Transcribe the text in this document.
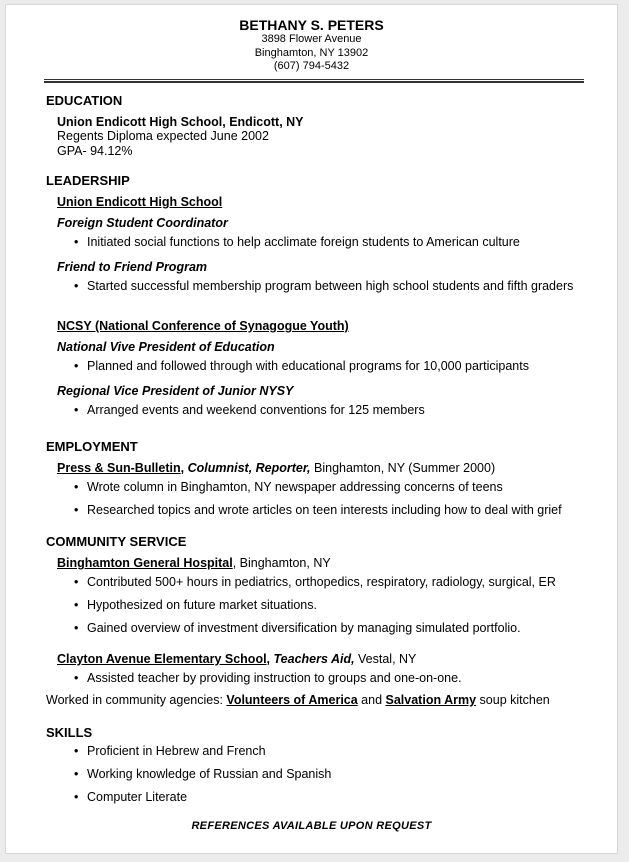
BETHANY S. PETERS
3898 Flower Avenue
Binghamton, NY 13902
(607) 794-5432
EDUCATION
Union Endicott High School, Endicott, NY
Regents Diploma expected June 2002
GPA- 94.12%
LEADERSHIP
Union Endicott High School
Foreign Student Coordinator
• Initiated social functions to help acclimate foreign students to American culture
Friend to Friend Program
• Started successful membership program between high school students and fifth graders
NCSY (National Conference of Synagogue Youth)
National Vive President of Education
• Planned and followed through with educational programs for 10,000 participants
Regional Vice President of Junior NYSY
• Arranged events and weekend conventions for 125 members
EMPLOYMENT
Press & Sun-Bulletin, Columnist, Reporter, Binghamton, NY (Summer 2000)
• Wrote column in Binghamton, NY newspaper addressing concerns of teens
• Researched topics and wrote articles on teen interests including how to deal with grief
COMMUNITY SERVICE
Binghamton General Hospital, Binghamton, NY
• Contributed 500+ hours in pediatrics, orthopedics, respiratory, radiology, surgical, ER
• Hypothesized on future market situations.
• Gained overview of investment diversification by managing simulated portfolio.
Clayton Avenue Elementary School, Teachers Aid, Vestal, NY
• Assisted teacher by providing instruction to groups and one-on-one.
Worked in community agencies: Volunteers of America and Salvation Army soup kitchen
SKILLS
• Proficient in Hebrew and French
• Working knowledge of Russian and Spanish
• Computer Literate
REFERENCES AVAILABLE UPON REQUEST
